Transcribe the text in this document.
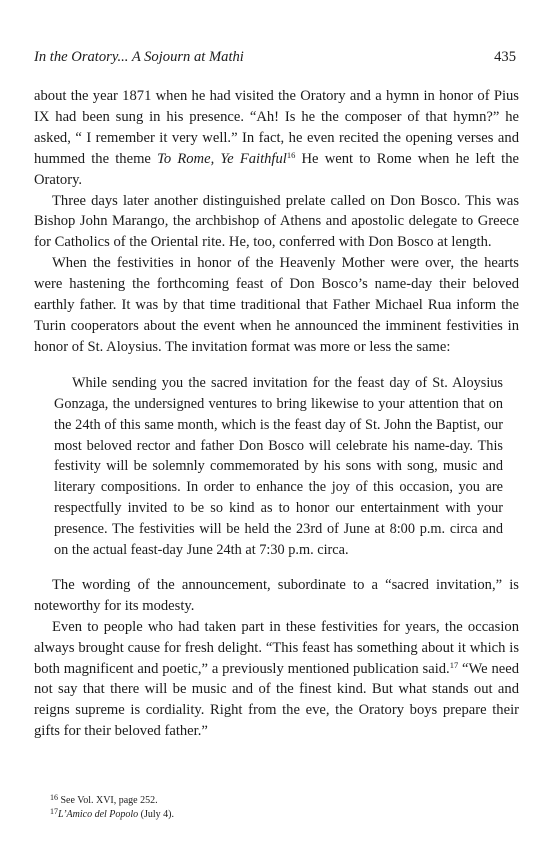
In the Oratory... A Sojourn at Mathi	435

about the year 1871 when he had visited the Oratory and a hymn in honor of Pius IX had been sung in his presence. “Ah! Is he the composer of that hymn?” he asked, “ I remember it very well.” In fact, he even recited the opening verses and hummed the theme To Rome, Ye Faithful$^{16}$ He went to Rome when he left the Oratory.

Three days later another distinguished prelate called on Don Bosco. This was Bishop John Marango, the archbishop of Athens and apostolic delegate to Greece for Catholics of the Oriental rite. He, too, conferred with Don Bosco at length.

When the festivities in honor of the Heavenly Mother were over, the hearts were hastening the forthcoming feast of Don Bosco’s name-day their beloved earthly father. It was by that time traditional that Father Michael Rua inform the Turin cooperators about the event when he announced the imminent festivities in honor of St. Aloysius. The invitation format was more or less the same:

While sending you the sacred invitation for the feast day of St. Aloysius Gonzaga, the undersigned ventures to bring likewise to your attention that on the 24th of this same month, which is the feast day of St. John the Baptist, our most beloved rector and father Don Bosco will celebrate his name-day. This festivity will be solemnly commemorated by his sons with song, music and literary compositions. In order to enhance the joy of this occasion, you are respectfully invited to be so kind as to honor our entertainment with your presence. The festivities will be held the 23rd of June at 8:00 p.m. circa and on the actual feast-day June 24th at 7:30 p.m. circa.

The wording of the announcement, subordinate to a “sacred invitation,” is noteworthy for its modesty.

Even to people who had taken part in these festivities for years, the occasion always brought cause for fresh delight. “This feast has something about it which is both magnificent and poetic,” a previously mentioned publication said.$^{17}$ “We need not say that there will be music and of the finest kind. But what stands out and reigns supreme is cordiality. Right from the eve, the Oratory boys prepare their gifts for their beloved father.”

$^{16}$ See Vol. XVI, page 252.

$^{17}$L’Amico del Popolo (July 4).
